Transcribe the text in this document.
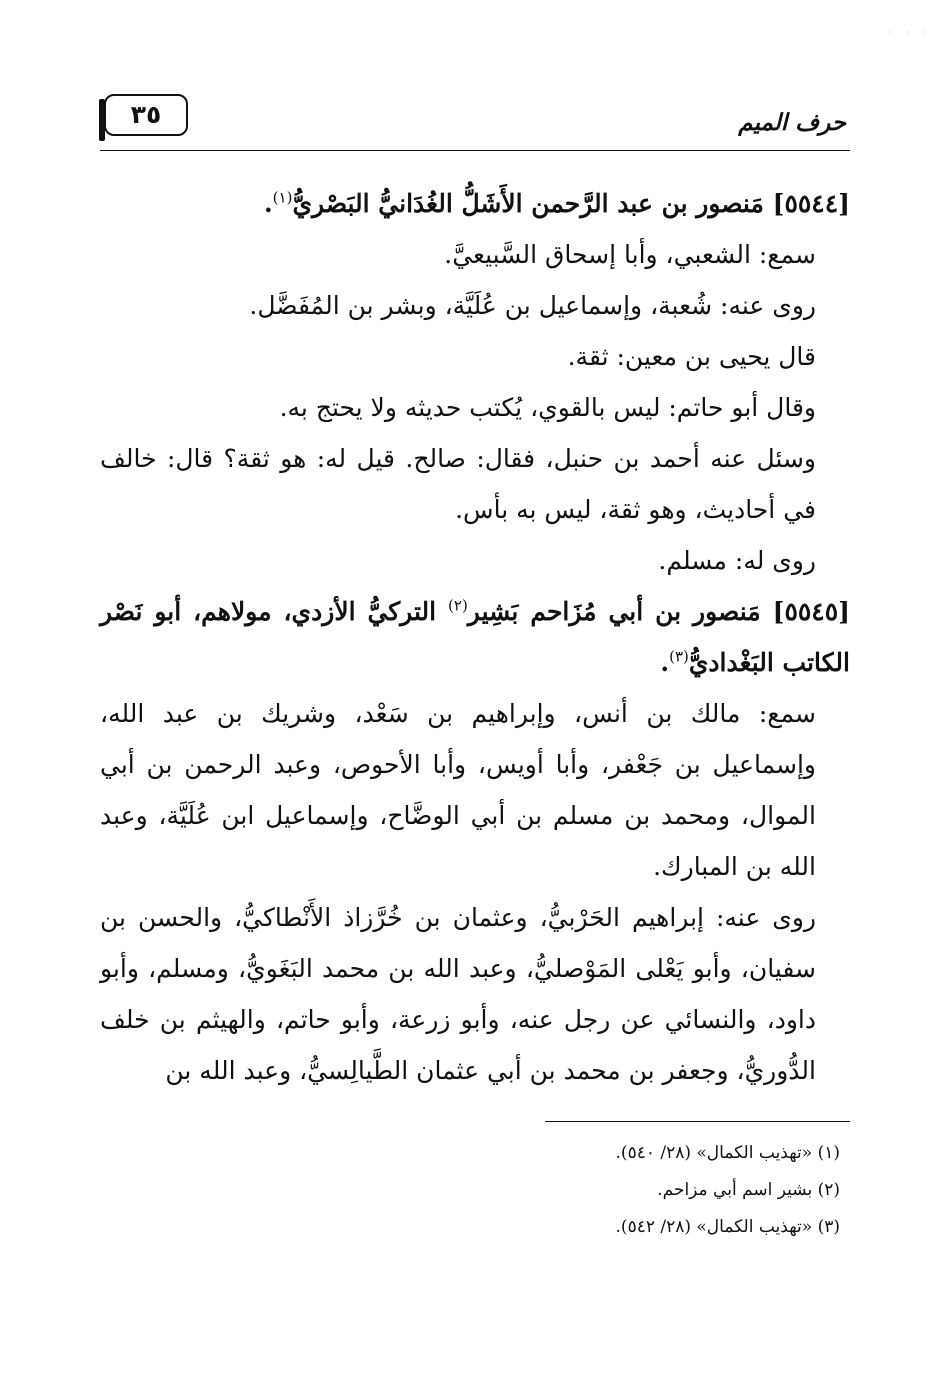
· · ·
٣٥	حرف الميم

[٥٥٤٤] مَنصور بن عبد الرَّحمن الأَشَلُّ الغُدَانيُّ البَصْريُّ$^{(١)}$.

سمع: الشعبي، وأبا إسحاق السَّبيعيَّ.

روى عنه: شُعبة، وإسماعيل بن عُلَيَّة، وبشر بن المُفَضَّل.

قال يحيى بن معين: ثقة.

وقال أبو حاتم: ليس بالقوي، يُكتب حديثه ولا يحتج به.

وسئل عنه أحمد بن حنبل، فقال: صالح. قيل له: هو ثقة؟ قال: خالف في أحاديث، وهو ثقة، ليس به بأس.

روى له: مسلم.

[٥٥٤٥] مَنصور بن أبي مُزَاحم بَشِير$^{(٢)}$ التركيُّ الأزدي، مولاهم، أبو نَصْر الكاتب البَغْداديُّ$^{(٣)}$.

سمع: مالك بن أنس، وإبراهيم بن سَعْد، وشريك بن عبد الله، وإسماعيل بن جَعْفر، وأبا أويس، وأبا الأحوص، وعبد الرحمن بن أبي الموال، ومحمد بن مسلم بن أبي الوضَّاح، وإسماعيل ابن عُلَيَّة، وعبد الله بن المبارك.

روى عنه: إبراهيم الحَرْبيُّ، وعثمان بن خُرَّزاذ الأَنْطاكيُّ، والحسن بن سفيان، وأبو يَعْلى المَوْصليُّ، وعبد الله بن محمد البَغَويُّ، ومسلم، وأبو داود، والنسائي عن رجل عنه، وأبو زرعة، وأبو حاتم، والهيثم بن خلف الدُّوريُّ، وجعفر بن محمد بن أبي عثمان الطَّيالِسيُّ، وعبد الله بن

(١) «تهذيب الكمال» (٢٨/ ٥٤٠).

(٢) بشير اسم أبي مزاحم.

(٣) «تهذيب الكمال» (٢٨/ ٥٤٢).
